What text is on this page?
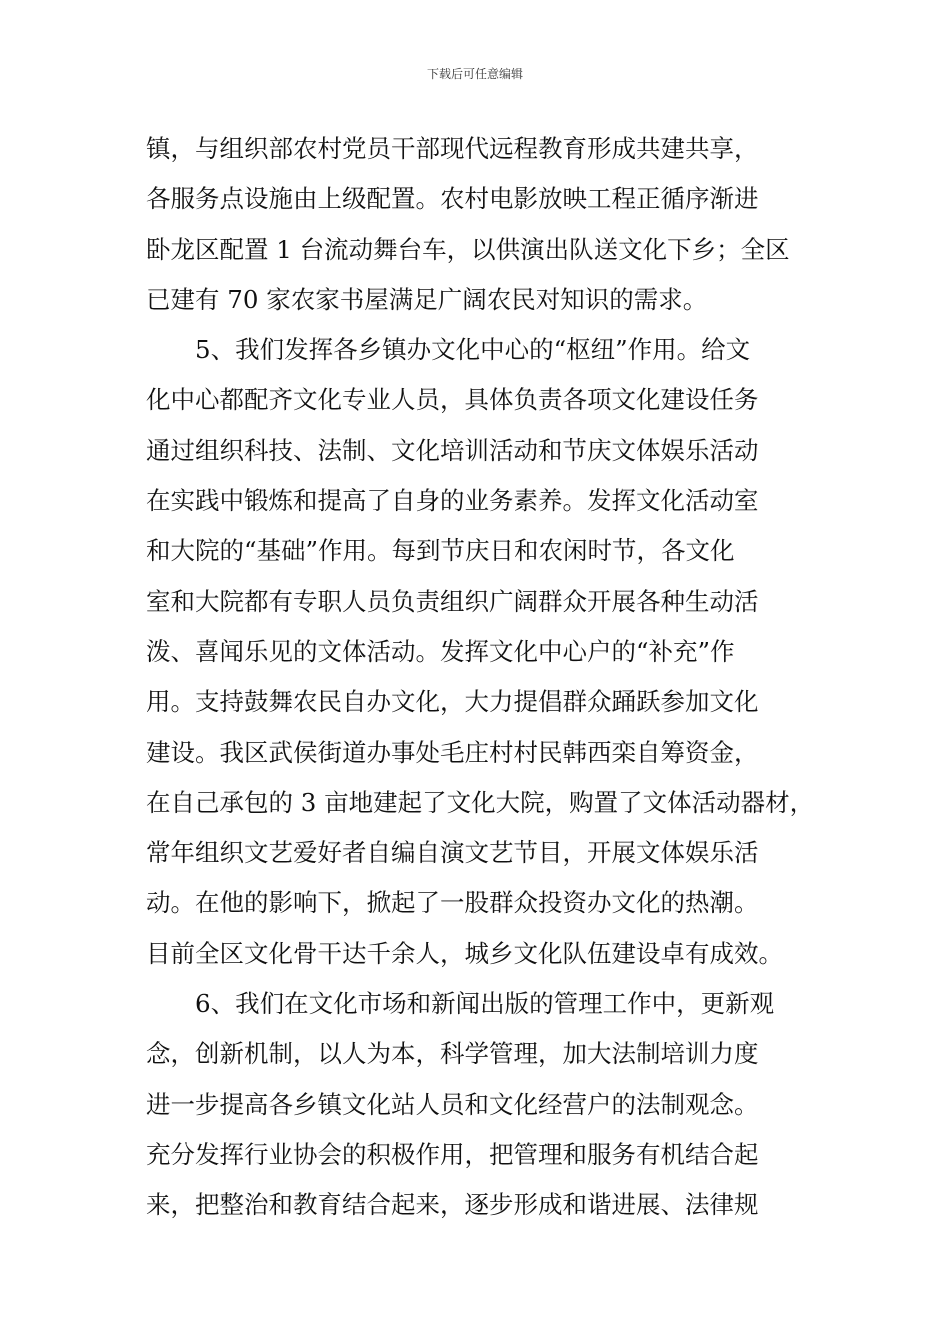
下载后可任意编辑
镇，与组织部农村党员干部现代远程教育形成共建共享，
各服务点设施由上级配置。农村电影放映工程正循序渐进
卧龙区配置 1 台流动舞台车，以供演出队送文化下乡；全区
已建有 70 家农家书屋满足广阔农民对知识的需求。
5、我们发挥各乡镇办文化中心的“枢纽”作用。给文
化中心都配齐文化专业人员，具体负责各项文化建设任务
通过组织科技、法制、文化培训活动和节庆文体娱乐活动
在实践中锻炼和提高了自身的业务素养。发挥文化活动室
和大院的“基础”作用。每到节庆日和农闲时节，各文化
室和大院都有专职人员负责组织广阔群众开展各种生动活
泼、喜闻乐见的文体活动。发挥文化中心户的“补充”作
用。支持鼓舞农民自办文化，大力提倡群众踊跃参加文化
建设。我区武侯街道办事处毛庄村村民韩西栾自筹资金，
在自己承包的 3 亩地建起了文化大院，购置了文体活动器材，
常年组织文艺爱好者自编自演文艺节目，开展文体娱乐活
动。在他的影响下，掀起了一股群众投资办文化的热潮。
目前全区文化骨干达千余人，城乡文化队伍建设卓有成效。
6、我们在文化市场和新闻出版的管理工作中，更新观
念，创新机制，以人为本，科学管理，加大法制培训力度
进一步提高各乡镇文化站人员和文化经营户的法制观念。
充分发挥行业协会的积极作用，把管理和服务有机结合起
来，把整治和教育结合起来，逐步形成和谐进展、法律规
